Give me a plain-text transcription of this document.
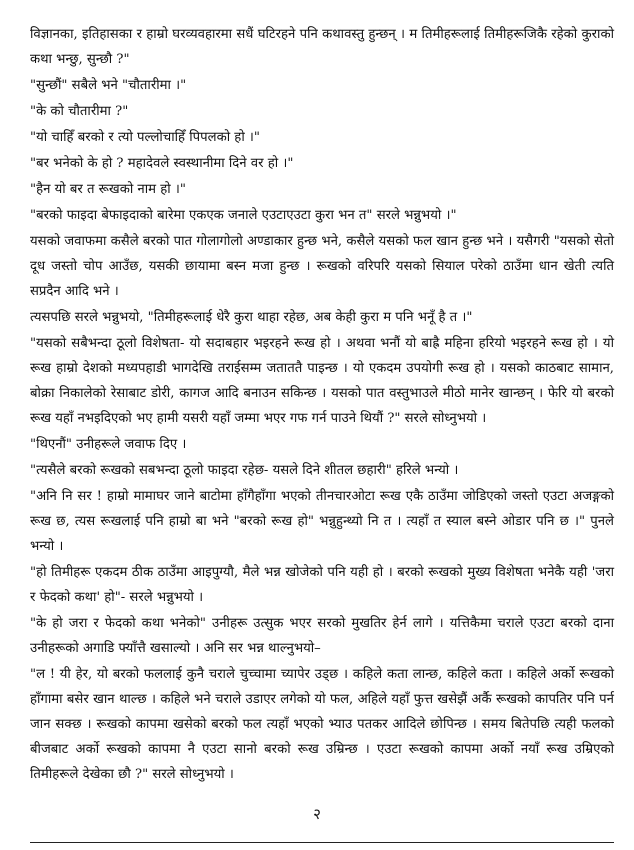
विज्ञानका, इतिहासका र हाम्रो घरव्यवहारमा सधैं घटिरहने पनि कथावस्तु हुन्छन् । म तिमीहरूलाई तिमीहरूजिकै रहेको कुराको कथा भन्छु, सुन्छौ ?"

"सुन्छौं" सबैले भने "चौतारीमा ।"

"के को चौतारीमा ?"

"यो चाहिँ बरको र त्यो पल्लोचाहिँ पिपलको हो ।"

"बर भनेको के हो ? महादेवले स्वस्थानीमा दिने वर हो ।"

"हैन यो बर त रूखको नाम हो ।"

"बरको फाइदा बेफाइदाको बारेमा एकएक जनाले एउटाएउटा कुरा भन त" सरले भन्नुभयो ।"

यसको जवाफमा कसैले बरको पात गोलागोलो अण्डाकार हुन्छ भने, कसैले यसको फल खान हुन्छ भने । यसैगरी "यसको सेतो दूध जस्तो चोप आउँछ, यसकी छायामा बस्न मजा हुन्छ । रूखको वरिपरि यसको सियाल परेको ठाउँमा धान खेती त्यति सप्रदैन आदि भने ।

त्यसपछि सरले भन्नुभयो, "तिमीहरूलाई धेरै कुरा थाहा रहेछ, अब केही कुरा म पनि भनूँ है त ।"

"यसको सबैभन्दा ठूलो विशेषता- यो सदाबहार भइरहने रूख हो । अथवा भनौं यो बाह्रै महिना हरियो भइरहने रूख हो । यो रूख हाम्रो देशको मध्यपहाडी भागदेखि तराईसम्म जताततै पाइन्छ । यो एकदम उपयोगी रूख हो । यसको काठबाट सामान, बोक्रा निकालेको रेसाबाट डोरी, कागज आदि बनाउन सकिन्छ । यसको पात वस्तुभाउले मीठो मानेर खान्छन् । फेरि यो बरको रूख यहाँ नभइदिएको भए हामी यसरी यहाँ जम्मा भएर गफ गर्न पाउने थियौं ?" सरले सोध्नुभयो ।

"थिएनौं" उनीहरूले जवाफ दिए ।

"त्यसैले बरको रूखको सबभन्दा ठूलो फाइदा रहेछ- यसले दिने शीतल छहारी" हरिले भन्यो ।

"अनि नि सर ! हाम्रो मामाघर जाने बाटोमा हाँगैहाँगा भएको तीनचारओटा रूख एकै ठाउँमा जोडिएको जस्तो एउटा अजङ्गको रूख छ, त्यस रूखलाई पनि हाम्रो बा भने "बरको रूख हो" भन्नुहुन्थ्यो नि त । त्यहाँ त स्याल बस्ने ओडार पनि छ ।" पुनले भन्यो ।

"हो तिमीहरू एकदम ठीक ठाउँमा आइपुग्यौ, मैले भन्न खोजेको पनि यही हो । बरको रूखको मुख्य विशेषता भनेकै यही 'जरा र फेदको कथा' हो"- सरले भन्नुभयो ।

"के हो जरा र फेदको कथा भनेको" उनीहरू उत्सुक भएर सरको मुखतिर हेर्न लागे । यत्तिकैमा चराले एउटा बरको दाना उनीहरूको अगाडि फ्याँत्तै खसाल्यो । अनि सर भन्न थाल्नुभयो–

"ल ! यी हेर, यो बरको फललाई कुनै चराले चुच्चामा च्यापेर उड्छ । कहिले कता लान्छ, कहिले कता । कहिले अर्को रूखको हाँगामा बसेर खान थाल्छ । कहिले भने चराले उडाएर लगेको यो फल, अहिले यहाँ फुत्त खसेझैं अर्कै रूखको कापतिर पनि पर्न जान सक्छ । रूखको कापमा खसेको बरको फल त्यहाँ भएको भ्याउ पतकर आदिले छोपिन्छ । समय बितेपछि त्यही फलको बीजबाट अर्को रूखको कापमा नै एउटा सानो बरको रूख उम्रिन्छ । एउटा रूखको कापमा अर्को नयाँ रूख उम्रिएको तिमीहरूले देखेका छौ ?" सरले सोध्नुभयो ।

२
